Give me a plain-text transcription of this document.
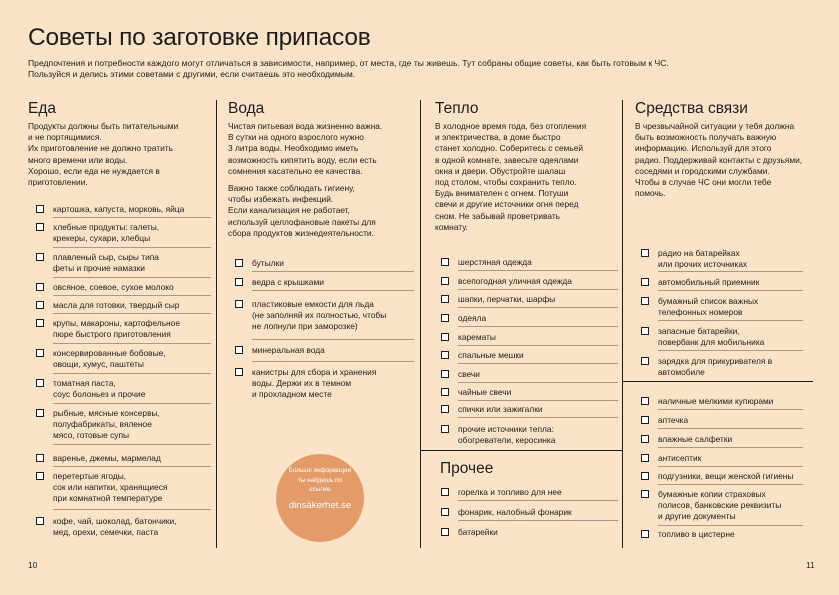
Советы по заготовке припасов

Предпочтения и потребности каждого могут отличаться в зависимости, например, от места, где ты живешь. Тут собраны общие советы, как быть готовым к ЧС.

Пользуйся и делись этими советами с другими, если считаешь это необходимым.

Еда

Продукты должны быть питательными

и не портящимися.

Их приготовление не должно тратить

много времени или воды.

Хорошо, если еда не нуждается в

приготовлении.

картошка, капуста, морковь, яйца
хлебные продукты: галеты,
крекеры, сухари, хлебцы
плавленый сыр, сыры типа
феты и прочие намазки
овсяное, соевое, сухое молоко
масла для готовки, твердый сыр
крупы, макароны, картофельное
пюре быстрого приготовления
консервированные бобовые,
овощи, хумус, паштеты
томатная паста,
соус болоньез и прочие
рыбные, мясные консервы,
полуфабрикаты, вяленое
мясо, готовые супы
варенье, джемы, мармелад
перетертые ягоды,
сок или напитки, хранящиеся
при комнатной температуре
кофе, чай, шоколад, батончики,
мед, орехи, семечки, паста
Вода

Чистая питьевая вода жизненно важна.

В сутки на одного взрослого нужно

3 литра воды. Необходимо иметь

возможность кипятить воду, если есть

сомнения касательно ее качества.

Важно также соблюдать гигиену,

чтобы избежать инфекций.

Если канализация не работает,

используй целлофановые пакеты для

сбора продуктов жизнедеятельности.

бутылки
ведра с крышками
пластиковые емкости для льда
(не заполняй их полностью, чтобы
не лопнули при заморозке)
минеральная вода
канистры для сбора и хранения
воды. Держи их в темном
и прохладном месте
Больше информации
ты найдешь по
ссылке
dinsäkerhet.se
Тепло

В холодное время года, без отопления

и электричества, в доме быстро

станет холодно. Соберитесь с семьей

в одной комнате, завесьте одеялами

окна и двери. Обустройте шалаш

под столом, чтобы сохранить тепло.

Будь внимателен с огнем. Потуши

свечи и другие источники огня перед

сном. Не забывай проветривать

комнату.

шерстяная одежда
всепогодная уличная одежда
шапки, перчатки, шарфы
одеяла
карематы
спальные мешки
свечи
чайные свечи
спички или зажигалки
прочие источники тепла:
обогреватели, керосинка
Прочее
горелка и топливо для нее
фонарик, налобный фонарик
батарейки
Средства связи

В чрезвычайной ситуации у тебя должна

быть возможность получать важную

информацию. Используй для этого

радио. Поддерживай контакты с друзьями,

соседями и городскими службами.

Чтобы в случае ЧС они могли тебе

помочь.

радио на батарейках
или прочих источниках
автомобильный приемник
бумажный список важных
телефонных номеров
запасные батарейки,
повербанк для мобильника
зарядка для прикуривателя в
автомобиле
наличные мелкими купюрами
аптечка
влажные салфетки
антисептик
подгузники, вещи женской гигиены
бумажные копии страховых
полисов, банковские реквизиты
и другие документы
топливо в цистерне
10	11
